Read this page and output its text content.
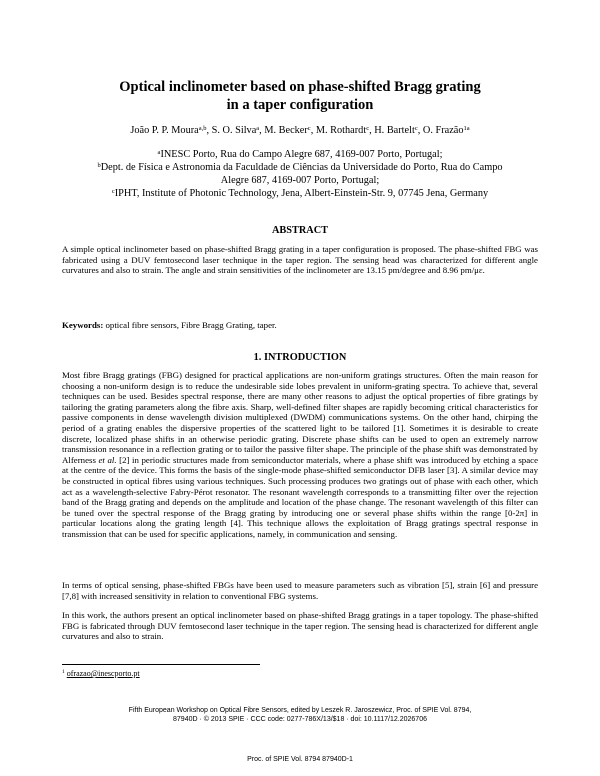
Optical inclinometer based on phase-shifted Bragg grating
in a taper configuration
João P. P. Moura$^{a,b}$, S. O. Silva$^a$, M. Becker$^c$, M. Rothardt$^c$, H. Bartelt$^c$, O. Frazão$^{1a}$
$^a$INESC Porto, Rua do Campo Alegre 687, 4169-007 Porto, Portugal;
$^b$Dept. de Física e Astronomia da Faculdade de Ciências da Universidade do Porto, Rua do Campo
Alegre 687, 4169-007 Porto, Portugal;
$^c$IPHT, Institute of Photonic Technology, Jena, Albert-Einstein-Str. 9, 07745 Jena, Germany
ABSTRACT
A simple optical inclinometer based on phase-shifted Bragg grating in a taper configuration is proposed. The phase-shifted FBG was fabricated using a DUV femtosecond laser technique in the taper region. The sensing head was characterized for different angle curvatures and also to strain. The angle and strain sensitivities of the inclinometer are 13.15 pm/degree and 8.96 pm/με.
Keywords: optical fibre sensors, Fibre Bragg Grating, taper.
1. INTRODUCTION
Most fibre Bragg gratings (FBG) designed for practical applications are non-uniform gratings structures. Often the main reason for choosing a non-uniform design is to reduce the undesirable side lobes prevalent in uniform-grating spectra. To achieve that, several techniques can be used. Besides spectral response, there are many other reasons to adjust the optical properties of fibre gratings by tailoring the grating parameters along the fibre axis. Sharp, well-defined filter shapes are rapidly becoming critical characteristics for passive components in dense wavelength division multiplexed (DWDM) communications systems. On the other hand, chirping the period of a grating enables the dispersive properties of the scattered light to be tailored [1]. Sometimes it is desirable to create discrete, localized phase shifts in an otherwise periodic grating. Discrete phase shifts can be used to open an extremely narrow transmission resonance in a reflection grating or to tailor the passive filter shape. The principle of the phase shift was demonstrated by Alferness et al. [2] in periodic structures made from semiconductor materials, where a phase shift was introduced by etching a space at the centre of the device. This forms the basis of the single-mode phase-shifted semiconductor DFB laser [3]. A similar device may be constructed in optical fibres using various techniques. Such processing produces two gratings out of phase with each other, which act as a wavelength-selective Fabry-Pérot resonator. The resonant wavelength corresponds to a transmitting filter over the rejection band of the Bragg grating and depends on the amplitude and location of the phase change. The resonant wavelength of this filter can be tuned over the spectral response of the Bragg grating by introducing one or several phase shifts within the range [0-2π] in particular locations along the grating length [4]. This technique allows the exploitation of Bragg gratings spectral response in transmission that can be used for specific applications, namely, in communication and sensing.
In terms of optical sensing, phase-shifted FBGs have been used to measure parameters such as vibration [5], strain [6] and pressure [7,8] with increased sensitivity in relation to conventional FBG systems.
In this work, the authors present an optical inclinometer based on phase-shifted Bragg gratings in a taper topology. The phase-shifted FBG is fabricated through DUV femtosecond laser technique in the taper region. The sensing head is characterized for different angle curvatures and also to strain.
$^1$ ofrazao@inescporto.pt
Fifth European Workshop on Optical Fibre Sensors, edited by Leszek R. Jaroszewicz, Proc. of SPIE Vol. 8794,
87940D · © 2013 SPIE · CCC code: 0277-786X/13/$18 · doi: 10.1117/12.2026706
Proc. of SPIE Vol. 8794 87940D-1
